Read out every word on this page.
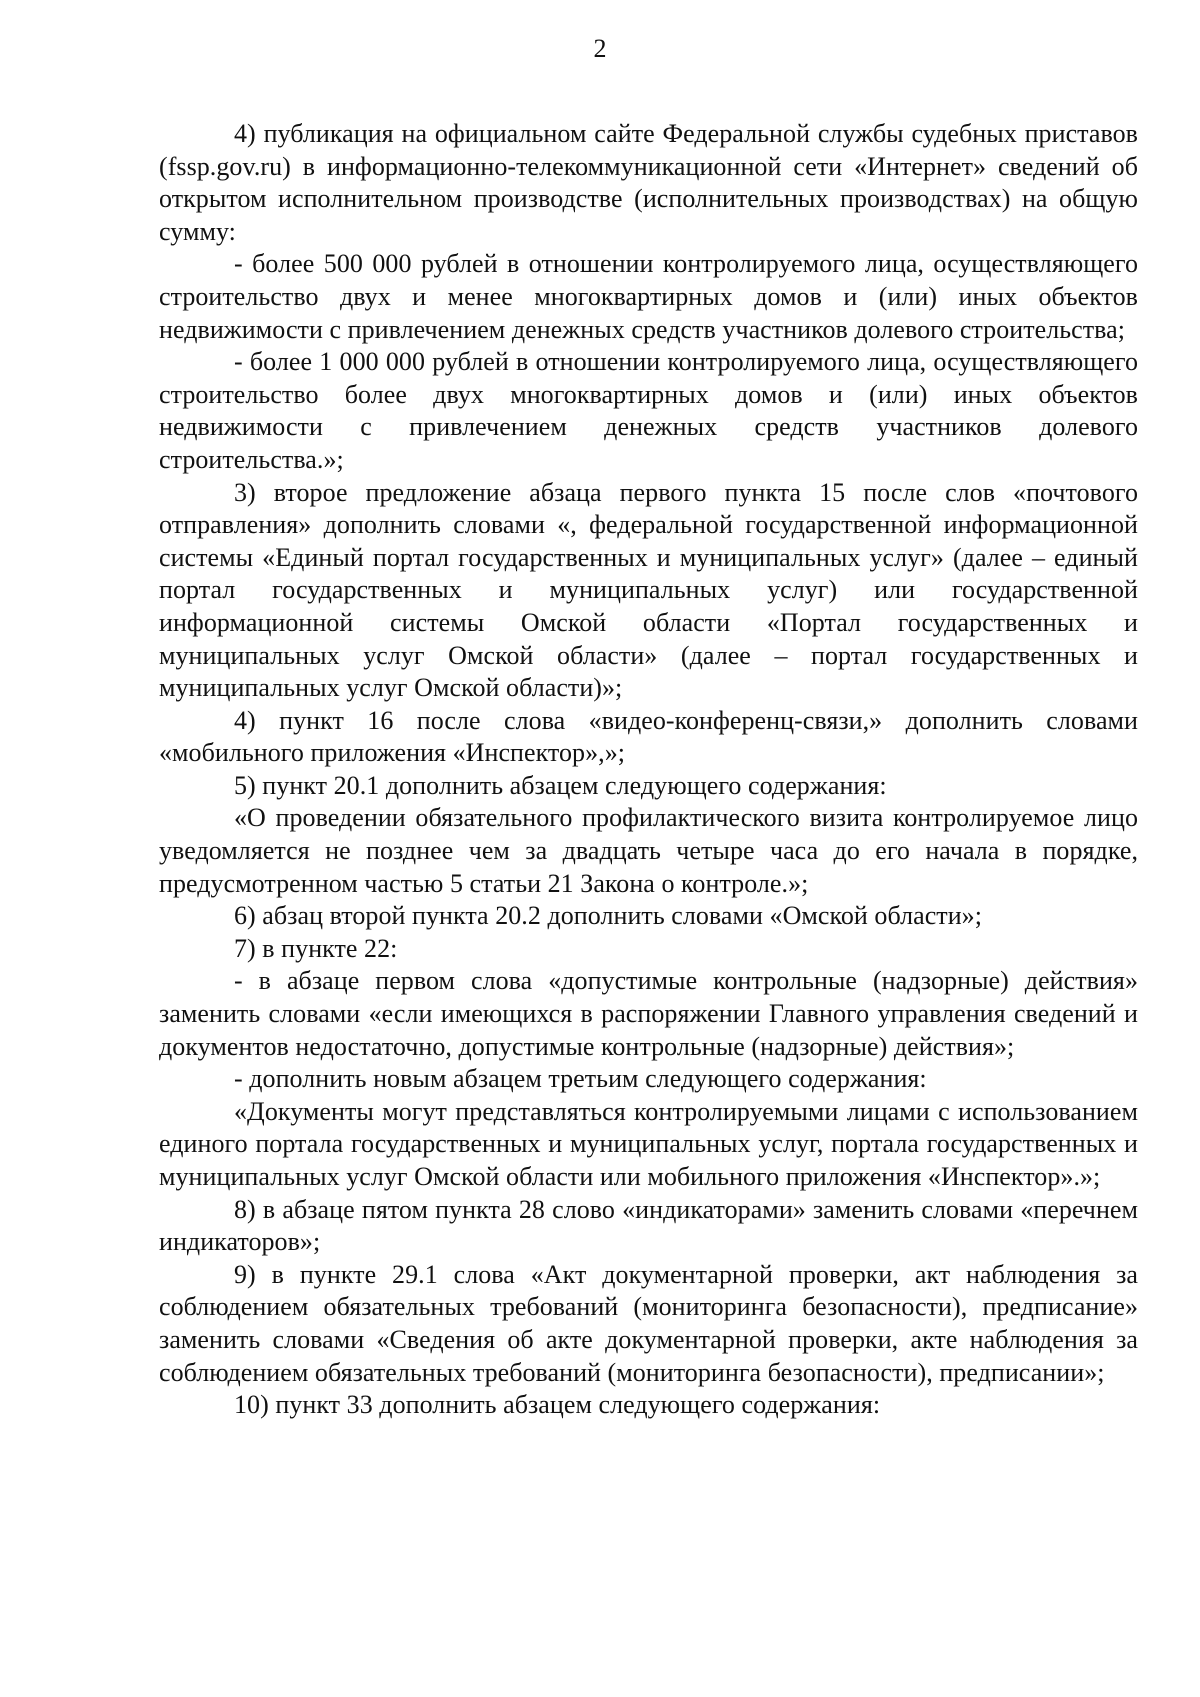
2

4) публикация на официальном сайте Федеральной службы судебных приставов (fssp.gov.ru) в информационно-телекоммуникационной сети «Интернет» сведений об открытом исполнительном производстве (исполнительных производствах) на общую сумму:

- более 500 000 рублей в отношении контролируемого лица, осуществляющего строительство двух и менее многоквартирных домов и (или) иных объектов недвижимости с привлечением денежных средств участников долевого строительства;

- более 1 000 000 рублей в отношении контролируемого лица, осуществляющего строительство более двух многоквартирных домов и (или) иных объектов недвижимости с привлечением денежных средств участников долевого строительства.»;

3) второе предложение абзаца первого пункта 15 после слов «почтового отправления» дополнить словами «, федеральной государственной информационной системы «Единый портал государственных и муниципальных услуг» (далее – единый портал государственных и муниципальных услуг) или государственной информационной системы Омской области «Портал государственных и муниципальных услуг Омской области» (далее – портал государственных и муниципальных услуг Омской области)»;

4) пункт 16 после слова «видео-конференц-связи,» дополнить словами «мобильного приложения «Инспектор»,»;

5) пункт 20.1 дополнить абзацем следующего содержания:

«О проведении обязательного профилактического визита контролируемое лицо уведомляется не позднее чем за двадцать четыре часа до его начала в порядке, предусмотренном частью 5 статьи 21 Закона о контроле.»;

6) абзац второй пункта 20.2 дополнить словами «Омской области»;

7) в пункте 22:

- в абзаце первом слова «допустимые контрольные (надзорные) действия» заменить словами «если имеющихся в распоряжении Главного управления сведений и документов недостаточно, допустимые контрольные (надзорные) действия»;

- дополнить новым абзацем третьим следующего содержания:

«Документы могут представляться контролируемыми лицами с использованием единого портала государственных и муниципальных услуг, портала государственных и муниципальных услуг Омской области или мобильного приложения «Инспектор».»;

8) в абзаце пятом пункта 28 слово «индикаторами» заменить словами «перечнем индикаторов»;

9) в пункте 29.1 слова «Акт документарной проверки, акт наблюдения за соблюдением обязательных требований (мониторинга безопасности), предписание» заменить словами «Сведения об акте документарной проверки, акте наблюдения за соблюдением обязательных требований (мониторинга безопасности), предписании»;

10) пункт 33 дополнить абзацем следующего содержания:
